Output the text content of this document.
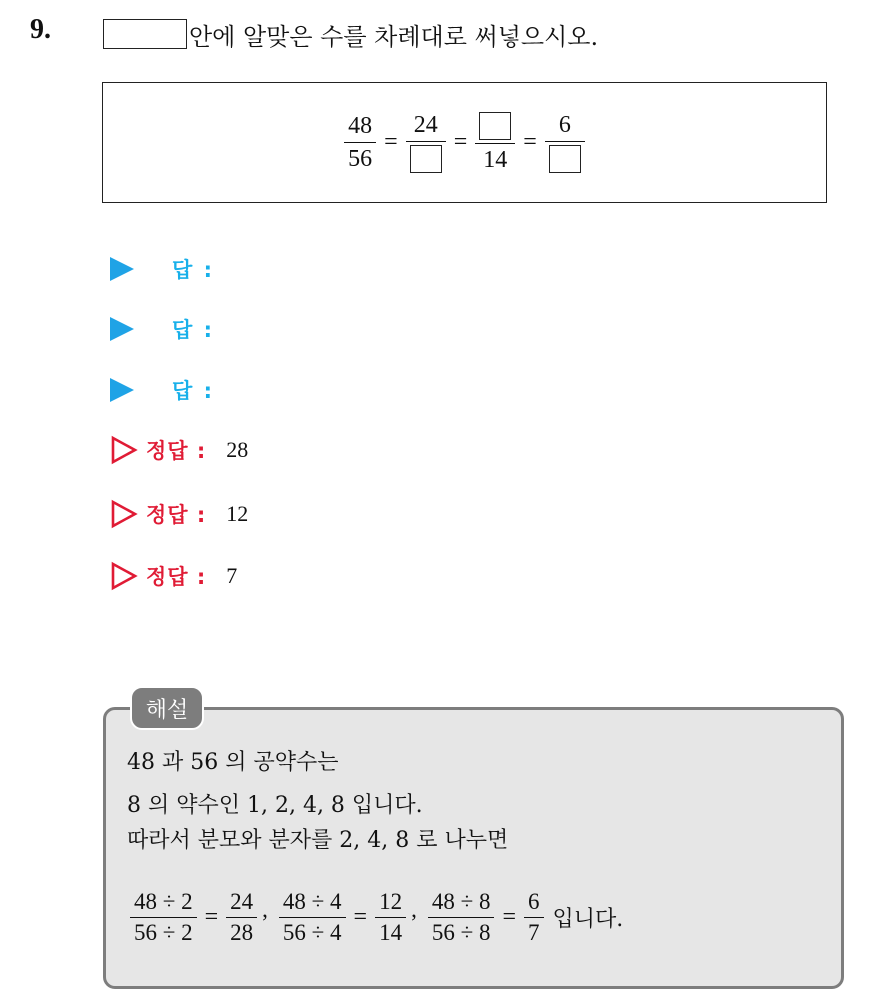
9.	안에 알맞은 수를 차례대로 써넣으시오.
$\frac{48}{56}$ =
24
=
14
=
6
답 :
답 :
답 :
정답 : 28
정답 : 12
정답 : 7
해설
48 과 56 의 공약수는
8 의 약수인 1, 2, 4, 8 입니다.
따라서 분모와 분자를 2, 4, 8 로 나누면
$\frac{48 \div 2}{56 \div 2} = \frac{24}{28}$ , $\frac{48 \div 4}{56 \div 4} = \frac{12}{14}$ , $\frac{48 \div 8}{56 \div 8} = \frac{6}{7}$ 입니다.
